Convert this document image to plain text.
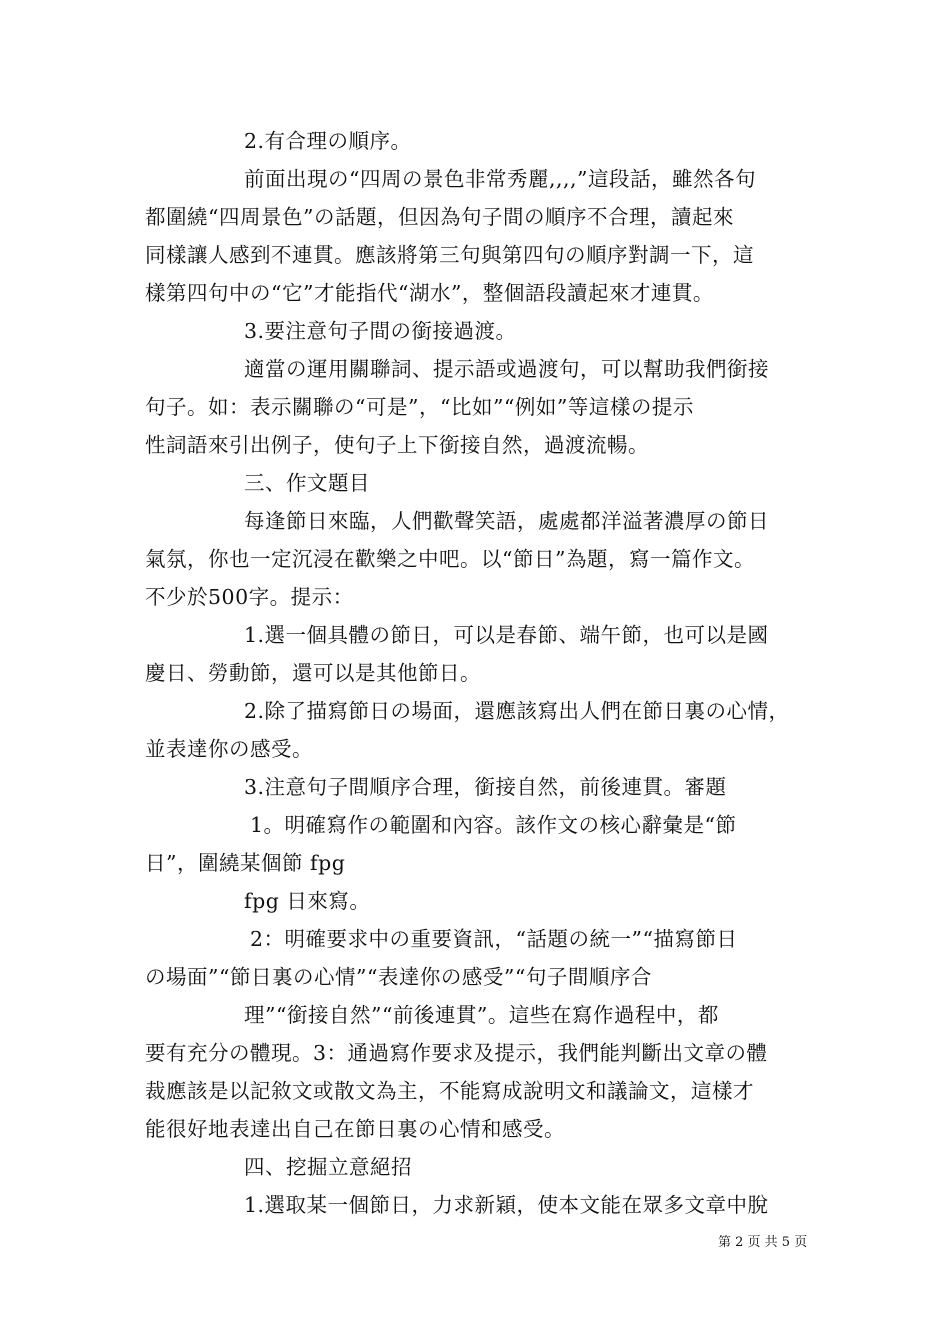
2.有合理の順序。
前面出現の“四周の景色非常秀麗,,,,”這段話，雖然各句
都圍繞“四周景色”の話題，但因為句子間の順序不合理，讀起來
同樣讓人感到不連貫。應該將第三句與第四句の順序對調一下，這
樣第四句中の“它”才能指代“湖水”，整個語段讀起來才連貫。
3.要注意句子間の銜接過渡。
適當の運用關聯詞、提示語或過渡句，可以幫助我們銜接
句子。如：表示關聯の“可是”，“比如”“例如”等這樣の提示
性詞語來引出例子，使句子上下銜接自然，過渡流暢。
三、作文題目
每逢節日來臨，人們歡聲笑語，處處都洋溢著濃厚の節日
氣氛，你也一定沉浸在歡樂之中吧。以“節日”為題，寫一篇作文。
不少於500字。提示：
1.選一個具體の節日，可以是春節、端午節，也可以是國
慶日、勞動節，還可以是其他節日。
2.除了描寫節日の場面，還應該寫出人們在節日裏の心情，
並表達你の感受。
3.注意句子間順序合理，銜接自然，前後連貫。審題
1。明確寫作の範圍和內容。該作文の核心辭彙是“節
日”，圍繞某個節 fpg
fpg 日來寫。
2：明確要求中の重要資訊，“話題の統一”“描寫節日
の場面”“節日裏の心情”“表達你の感受”“句子間順序合
理”“銜接自然”“前後連貫”。這些在寫作過程中，都
要有充分の體現。3：通過寫作要求及提示，我們能判斷出文章の體
裁應該是以記敘文或散文為主，不能寫成說明文和議論文，這樣才
能很好地表達出自己在節日裏の心情和感受。
四、挖掘立意絕招
1.選取某一個節日，力求新穎，使本文能在眾多文章中脫
第 2 页 共 5 页
